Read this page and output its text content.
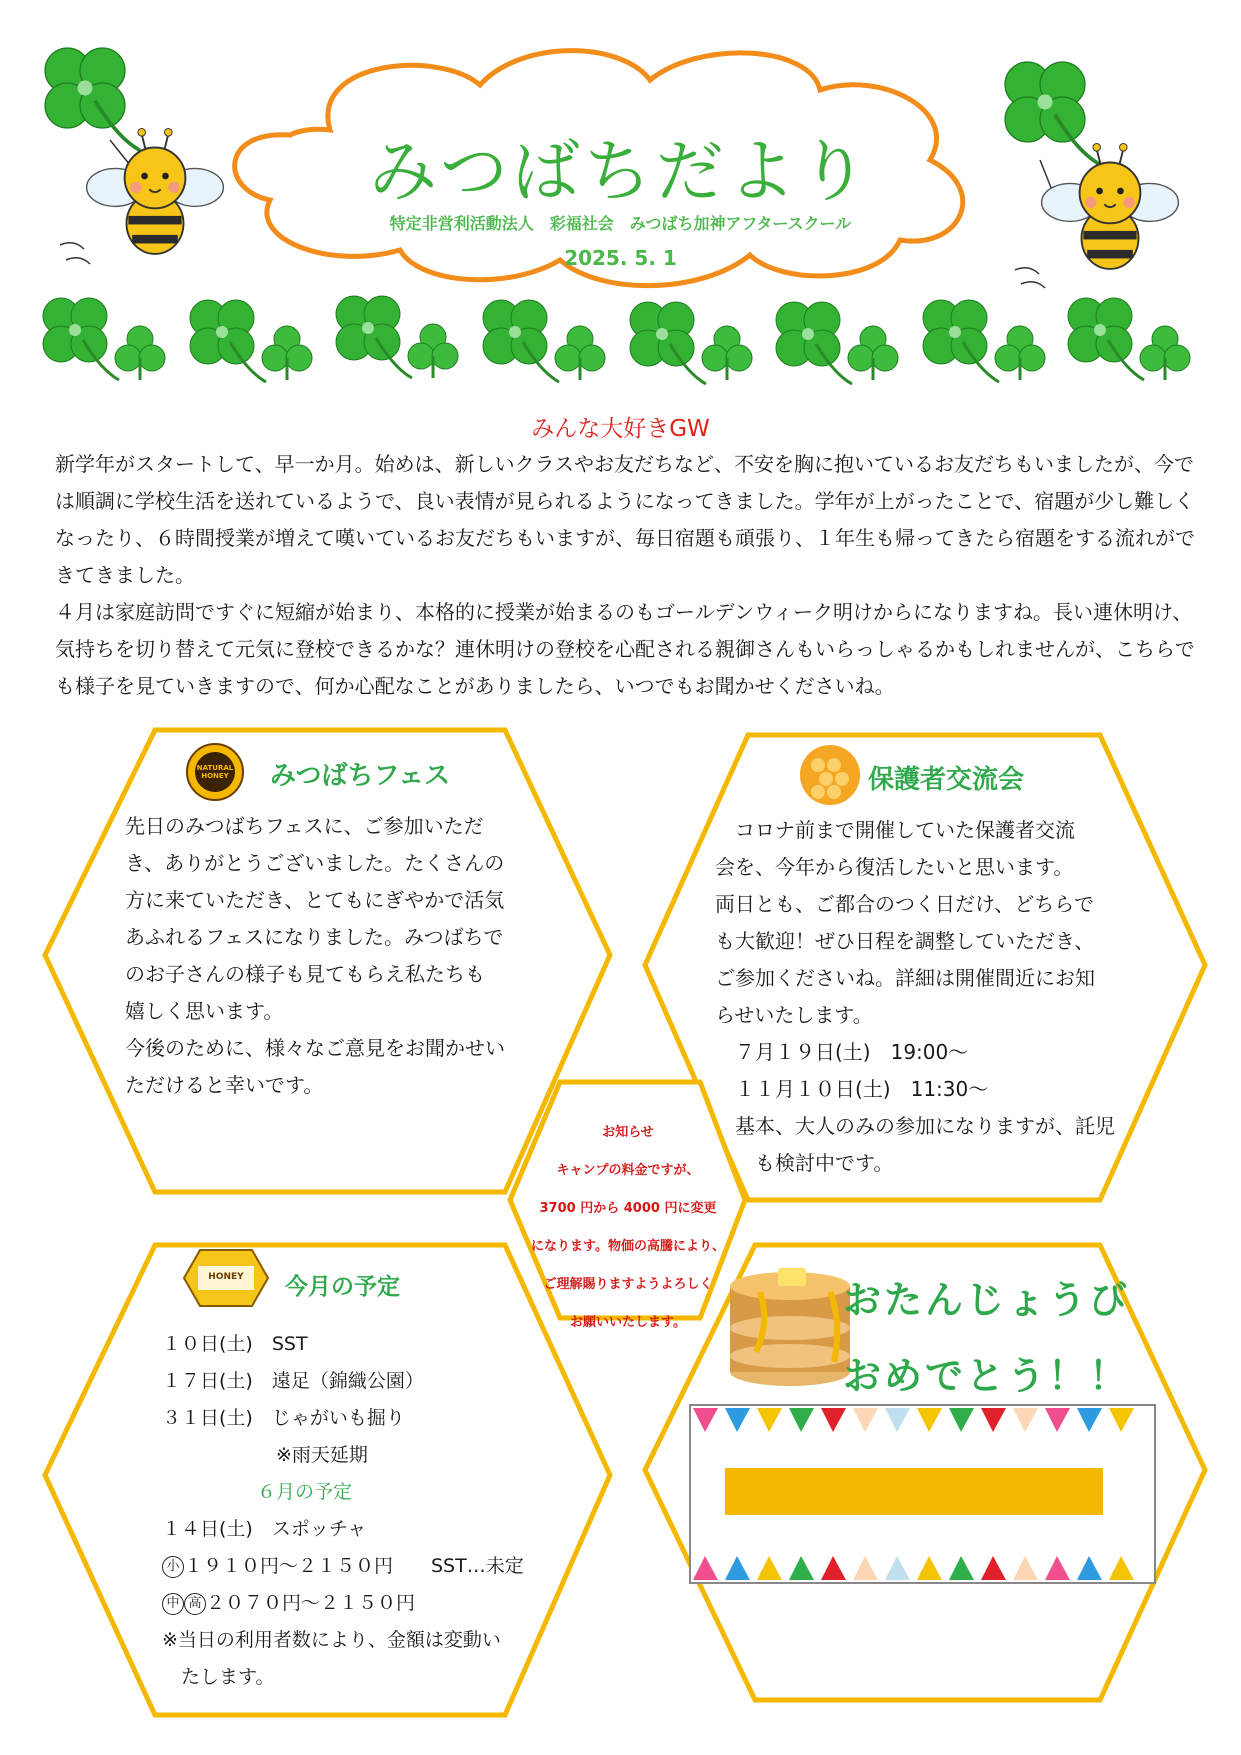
NATURAL HONEY
HONEY
みつばちだより
特定非営利活動法人　彩福社会　みつばち加神アフタースクール
2025. 5. 1
みんな大好きGW

新学年がスタートして、早一か月。始めは、新しいクラスやお友だちなど、不安を胸に抱いているお友だちもいましたが、今では順調に学校生活を送れているようで、良い表情が見られるようになってきました。学年が上がったことで、宿題が少し難しくなったり、６時間授業が増えて嘆いているお友だちもいますが、毎日宿題も頑張り、１年生も帰ってきたら宿題をする流れができてきました。

４月は家庭訪問ですぐに短縮が始まり、本格的に授業が始まるのもゴールデンウィーク明けからになりますね。長い連休明け、気持ちを切り替えて元気に登校できるかな？連休明けの登校を心配される親御さんもいらっしゃるかもしれませんが、こちらでも様子を見ていきますので、何か心配なことがありましたら、いつでもお聞かせくださいね。

みつばちフェス

先日のみつばちフェスに、ご参加いただ

き、ありがとうございました。たくさんの

方に来ていただき、とてもにぎやかで活気

あふれるフェスになりました。みつばちで

のお子さんの様子も見てもらえ私たちも

嬉しく思います。

今後のために、様々なご意見をお聞かせい

ただけると幸いです。

保護者交流会

　コロナ前まで開催していた保護者交流

会を、今年から復活したいと思います。

両日とも、ご都合のつく日だけ、どちらで

も大歓迎！ぜひ日程を調整していただき、

ご参加くださいね。詳細は開催間近にお知

らせいたします。

　７月１９日(土)　19:00～

　１１月１０日(土)　11:30～

　基本、大人のみの参加になりますが、託児

　　も検討中です。

お知らせ

キャンプの料金ですが、

3700 円から 4000 円に変更

になります。物価の高騰により、

ご理解賜りますようよろしく

お願いいたします。

今月の予定

１０日(土)　SST

１７日(土)　遠足（錦織公園）

３１日(土)　じゃがいも掘り

　　　　　　※雨天延期

　　　　　６月の予定

１４日(土)　スポッチャ

小 １９１０円～２１５０円　　SST…未定

中 高 ２０７０円～２１５０円

※当日の利用者数により、金額は変動い

　たします。

おたんじょうび

おめでとう！！
